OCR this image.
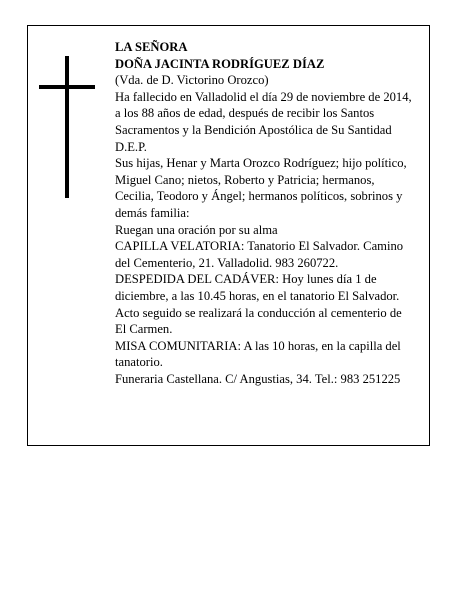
LA SEÑORA

DOÑA JACINTA RODRÍGUEZ DÍAZ

(Vda. de D. Victorino Orozco)

Ha fallecido en Valladolid el día 29 de noviembre de 2014, a los 88 años de edad, después de recibir los Santos Sacramentos y la Bendición Apostólica de Su Santidad

D.E.P.

Sus hijas, Henar y Marta Orozco Rodríguez; hijo político, Miguel Cano; nietos, Roberto y Patricia; hermanos, Cecilia, Teodoro y Ángel; hermanos políticos, sobrinos y demás familia:

Ruegan una oración por su alma

CAPILLA VELATORIA: Tanatorio El Salvador. Camino del Cementerio, 21. Valladolid. 983 260722.

DESPEDIDA DEL CADÁVER: Hoy lunes día 1 de diciembre, a las 10.45 horas, en el tanatorio El Salvador. Acto seguido se realizará la conducción al cementerio de El Carmen.

MISA COMUNITARIA: A las 10 horas, en la capilla del tanatorio.

Funeraria Castellana. C/ Angustias, 34. Tel.: 983 251225
